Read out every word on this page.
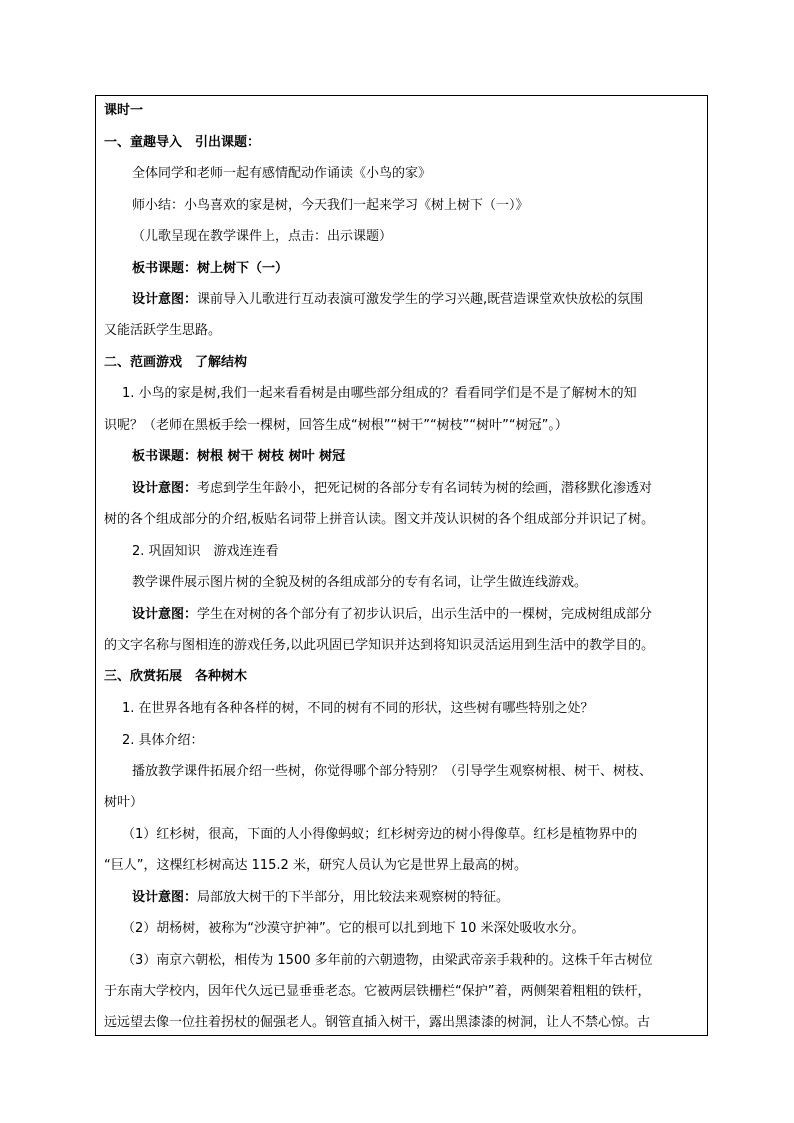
课时一
一、童趣导入　引出课题：
全体同学和老师一起有感情配动作诵读《小鸟的家》
师小结：小鸟喜欢的家是树，今天我们一起来学习《树上树下（一）》
（儿歌呈现在教学课件上，点击：出示课题）
板书课题：树上树下（一）
设计意图：课前导入儿歌进行互动表演可激发学生的学习兴趣,既营造课堂欢快放松的氛围
又能活跃学生思路。
二、范画游戏　了解结构
1. 小鸟的家是树,我们一起来看看树是由哪些部分组成的？看看同学们是不是了解树木的知
识呢？（老师在黑板手绘一棵树，回答生成“树根”“树干”“树枝”“树叶”“树冠”。）
板书课题：树根 树干 树枝 树叶 树冠
设计意图：考虑到学生年龄小，把死记树的各部分专有名词转为树的绘画，潜移默化渗透对
树的各个组成部分的介绍,板贴名词带上拼音认读。图文并茂认识树的各个组成部分并识记了树。
2. 巩固知识　游戏连连看
教学课件展示图片树的全貌及树的各组成部分的专有名词，让学生做连线游戏。
设计意图：学生在对树的各个部分有了初步认识后，出示生活中的一棵树，完成树组成部分
的文字名称与图相连的游戏任务,以此巩固已学知识并达到将知识灵活运用到生活中的教学目的。
三、欣赏拓展　各种树木
1. 在世界各地有各种各样的树，不同的树有不同的形状，这些树有哪些特别之处？
2. 具体介绍：
播放教学课件拓展介绍一些树，你觉得哪个部分特别？（引导学生观察树根、树干、树枝、
树叶）
（1）红杉树，很高，下面的人小得像蚂蚁；红杉树旁边的树小得像草。红杉是植物界中的
“巨人”，这棵红杉树高达 115.2 米，研究人员认为它是世界上最高的树。
设计意图：局部放大树干的下半部分，用比较法来观察树的特征。
（2）胡杨树，被称为“沙漠守护神”。它的根可以扎到地下 10 米深处吸收水分。
（3）南京六朝松，相传为 1500 多年前的六朝遗物，由梁武帝亲手栽种的。这株千年古树位
于东南大学校内，因年代久远已显垂垂老态。它被两层铁栅栏“保护”着，两侧架着粗粗的铁杆，
远远望去像一位拄着拐杖的倔强老人。钢管直插入树干，露出黑漆漆的树洞，让人不禁心惊。古
